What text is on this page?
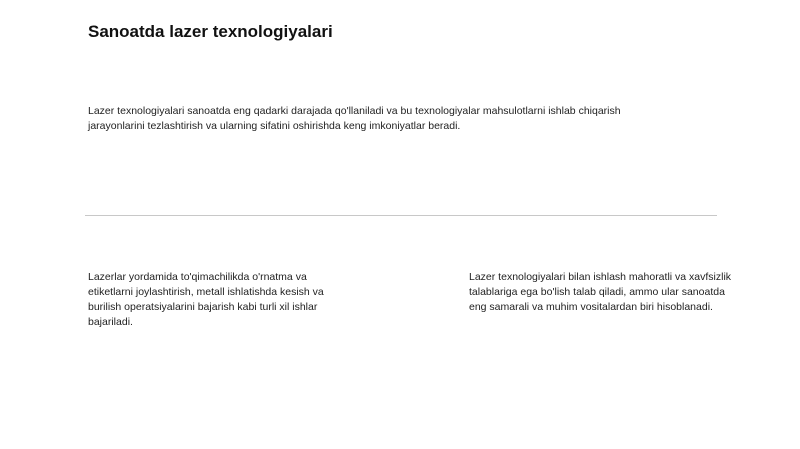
Sanoatda lazer texnologiyalari
Lazer texnologiyalari sanoatda eng qadarki darajada qo'llaniladi va bu texnologiyalar mahsulotlarni ishlab chiqarish jarayonlarini tezlashtirish va ularning sifatini oshirishda keng imkoniyatlar beradi.
Lazerlar yordamida to'qimachilikda o'rnatma va etiketlarni joylashtirish, metall ishlatishda kesish va burilish operatsiyalarini bajarish kabi turli xil ishlar bajariladi.
Lazer texnologiyalari bilan ishlash mahoratli va xavfsizlik talablariga ega bo'lish talab qiladi, ammo ular sanoatda eng samarali va muhim vositalardan biri hisoblanadi.
